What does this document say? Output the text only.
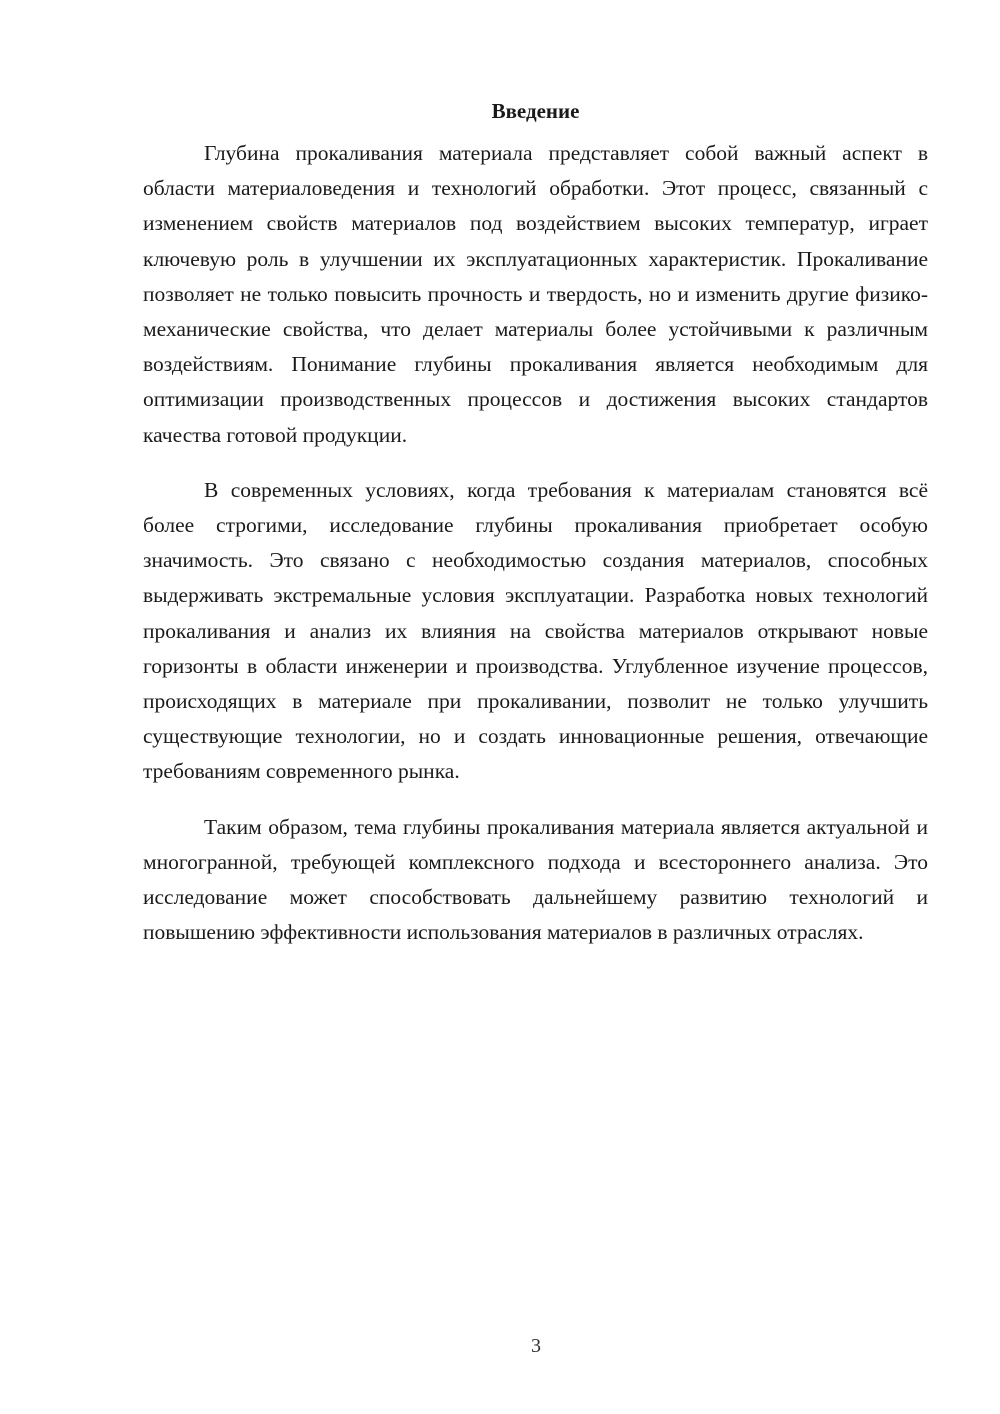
Введение

Глубина прокаливания материала представляет собой важный аспект в области материаловедения и технологий обработки. Этот процесс, связанный с изменением свойств материалов под воздействием высоких температур, играет ключевую роль в улучшении их эксплуатационных характеристик. Прокаливание позволяет не только повысить прочность и твердость, но и изменить другие физико-механические свойства, что делает материалы более устойчивыми к различным воздействиям. Понимание глубины прокаливания является необходимым для оптимизации производственных процессов и достижения высоких стандартов качества готовой продукции.

В современных условиях, когда требования к материалам становятся всё более строгими, исследование глубины прокаливания приобретает особую значимость. Это связано с необходимостью создания материалов, способных выдерживать экстремальные условия эксплуатации. Разработка новых технологий прокаливания и анализ их влияния на свойства материалов открывают новые горизонты в области инженерии и производства. Углубленное изучение процессов, происходящих в материале при прокаливании, позволит не только улучшить существующие технологии, но и создать инновационные решения, отвечающие требованиям современного рынка.

Таким образом, тема глубины прокаливания материала является актуальной и многогранной, требующей комплексного подхода и всестороннего анализа. Это исследование может способствовать дальнейшему развитию технологий и повышению эффективности использования материалов в различных отраслях.

3
